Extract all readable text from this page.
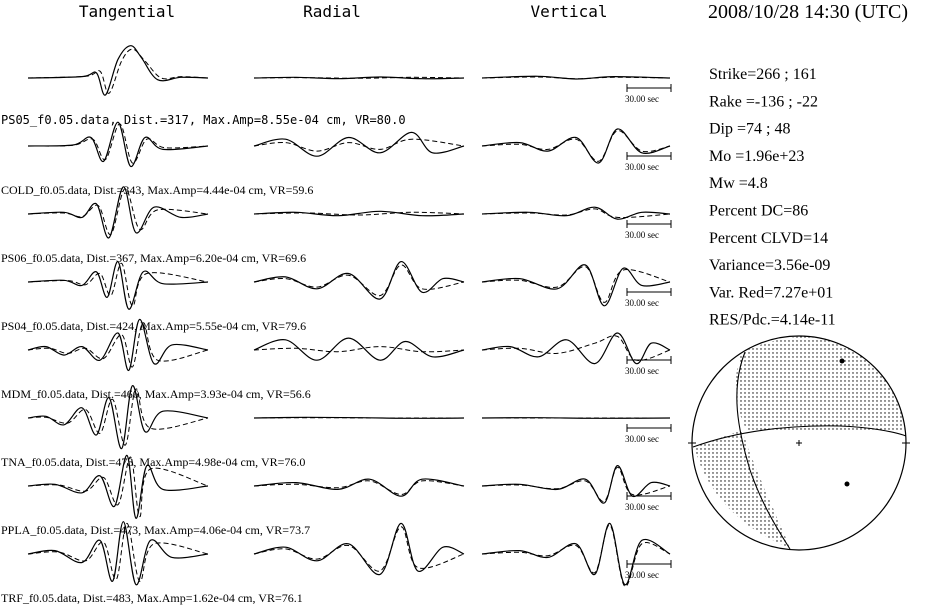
Tangential	Radial	Vertical	2008/10/28 14:30 (UTC)
30.00 sec
30.00 sec
30.00 sec
30.00 sec
30.00 sec
30.00 sec
30.00 sec
30.00 sec
PS05_f0.05.data, Dist.=317, Max.Amp=8.55e-04 cm, VR=80.0
COLD_f0.05.data, Dist.=343, Max.Amp=4.44e-04 cm, VR=59.6
PS06_f0.05.data, Dist.=367, Max.Amp=6.20e-04 cm, VR=69.6
PS04_f0.05.data, Dist.=424, Max.Amp=5.55e-04 cm, VR=79.6
MDM_f0.05.data, Dist.=466, Max.Amp=3.93e-04 cm, VR=56.6
TNA_f0.05.data, Dist.=473, Max.Amp=4.98e-04 cm, VR=76.0
PPLA_f0.05.data, Dist.=473, Max.Amp=4.06e-04 cm, VR=73.7
TRF_f0.05.data, Dist.=483, Max.Amp=1.62e-04 cm, VR=76.1
Strike=266 ; 161
Rake =-136 ; -22
Dip =74 ; 48
Mo =1.96e+23
Mw =4.8
Percent DC=86
Percent CLVD=14
Variance=3.56e-09
Var. Red=7.27e+01
RES/Pdc.=4.14e-11
